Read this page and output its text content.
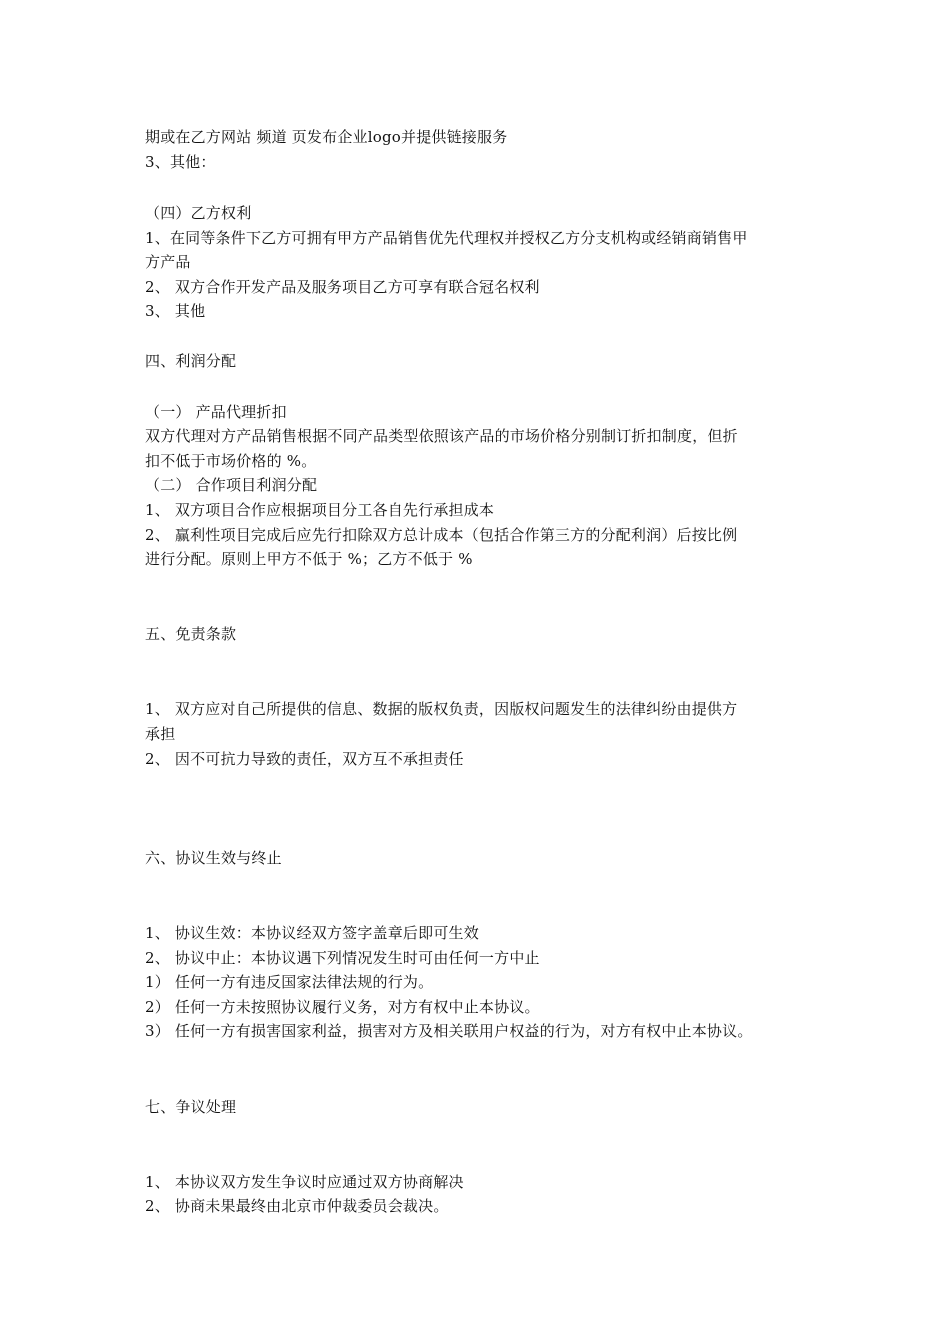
期或在乙方网站 频道 页发布企业logo并提供链接服务
3、其他：
（四）乙方权利
1、在同等条件下乙方可拥有甲方产品销售优先代理权并授权乙方分支机构或经销商销售甲
方产品
2、 双方合作开发产品及服务项目乙方可享有联合冠名权利
3、 其他
四、利润分配
（一） 产品代理折扣
双方代理对方产品销售根据不同产品类型依照该产品的市场价格分别制订折扣制度，但折
扣不低于市场价格的 %。
（二） 合作项目利润分配
1、 双方项目合作应根据项目分工各自先行承担成本
2、 赢利性项目完成后应先行扣除双方总计成本（包括合作第三方的分配利润）后按比例
进行分配。原则上甲方不低于 %；乙方不低于 %
五、免责条款
1、 双方应对自己所提供的信息、数据的版权负责，因版权问题发生的法律纠纷由提供方
承担
2、 因不可抗力导致的责任，双方互不承担责任
六、协议生效与终止
1、 协议生效：本协议经双方签字盖章后即可生效
2、 协议中止：本协议遇下列情况发生时可由任何一方中止
1） 任何一方有违反国家法律法规的行为。
2） 任何一方未按照协议履行义务，对方有权中止本协议。
3） 任何一方有损害国家利益，损害对方及相关联用户权益的行为，对方有权中止本协议。
七、争议处理
1、 本协议双方发生争议时应通过双方协商解决
2、 协商未果最终由北京市仲裁委员会裁决。
